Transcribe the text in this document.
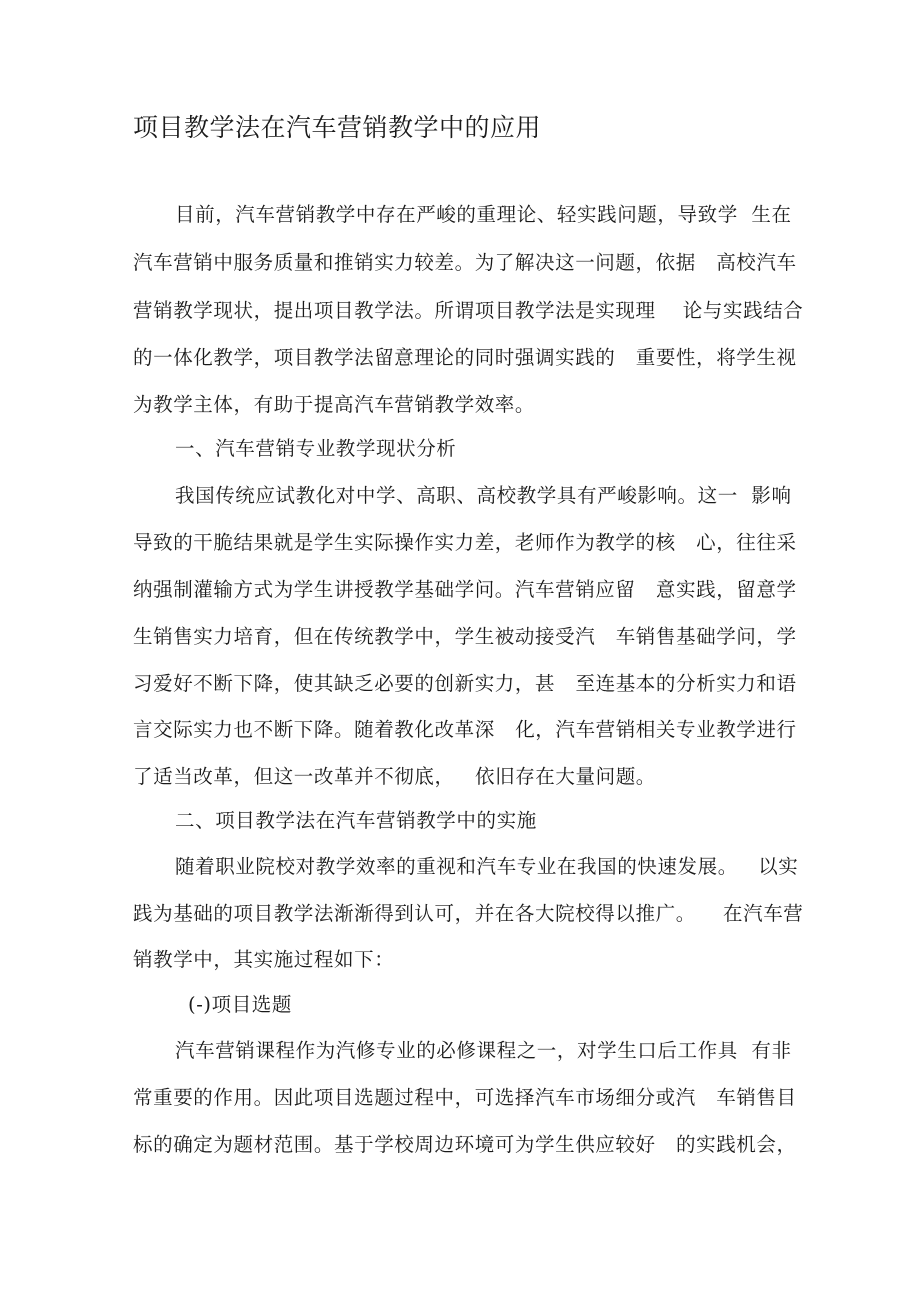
项目教学法在汽车营销教学中的应用
目前，汽车营销教学中存在严峻的重理论、轻实践问题，导致学  生在
汽车营销中服务质量和推销实力较差。为了解决这一问题，依据   高校汽车
营销教学现状，提出项目教学法。所谓项目教学法是实现理    论与实践结合
的一体化教学，项目教学法留意理论的同时强调实践的   重要性，将学生视
为教学主体，有助于提高汽车营销教学效率。
一、汽车营销专业教学现状分析
我国传统应试教化对中学、高职、高校教学具有严峻影响。这一  影响
导致的干脆结果就是学生实际操作实力差，老师作为教学的核   心，往往采
纳强制灌输方式为学生讲授教学基础学问。汽车营销应留   意实践，留意学
生销售实力培育，但在传统教学中，学生被动接受汽   车销售基础学问，学
习爱好不断下降，使其缺乏必要的创新实力，甚   至连基本的分析实力和语
言交际实力也不断下降。随着教化改革深   化，汽车营销相关专业教学进行
了适当改革，但这一改革并不彻底，   依旧存在大量问题。
二、项目教学法在汽车营销教学中的实施
随着职业院校对教学效率的重视和汽车专业在我国的快速发展。   以实
践为基础的项目教学法渐渐得到认可，并在各大院校得以推广。    在汽车营
销教学中，其实施过程如下：
(-)项目选题
汽车营销课程作为汽修专业的必修课程之一，对学生口后工作具  有非
常重要的作用。因此项目选题过程中，可选择汽车市场细分或汽   车销售目
标的确定为题材范围。基于学校周边环境可为学生供应较好   的实践机会，
